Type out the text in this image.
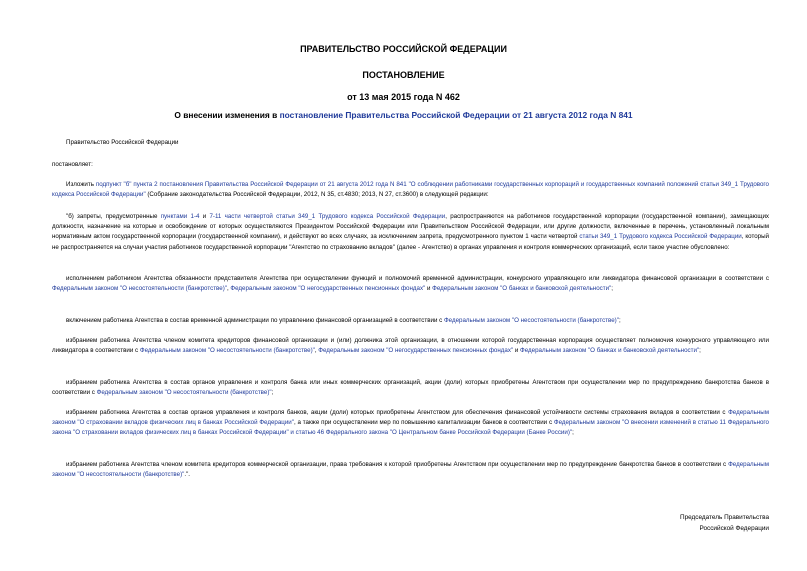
ПРАВИТЕЛЬСТВО РОССИЙСКОЙ ФЕДЕРАЦИИ
ПОСТАНОВЛЕНИЕ
от 13 мая 2015 года N 462
О внесении изменения в постановление Правительства Российской Федерации от 21 августа 2012 года N 841
Правительство Российской Федерации
постановляет:
Изложить подпункт "б" пункта 2 постановления Правительства Российской Федерации от 21 августа 2012 года N 841 "О соблюдении работниками государственных корпораций и государственных компаний положений статьи 349_1 Трудового кодекса Российской Федерации" (Собрание законодательства Российской Федерации, 2012, N 35, ст.4830; 2013, N 27, ст.3600) в следующей редакции:
"б) запреты, предусмотренные пунктами 1-4 и 7-11 части четвертой статьи 349_1 Трудового кодекса Российской Федерации, распространяются на работников государственной корпорации (государственной компании), замещающих должности, назначение на которые и освобождение от которых осуществляются Президентом Российской Федерации или Правительством Российской Федерации, или другие должности, включенные в перечень, установленный локальным нормативным актом государственной корпорации (государственной компании), и действуют во всех случаях, за исключением запрета, предусмотренного пунктом 1 части четвертой статьи 349_1 Трудового кодекса Российской Федерации, который не распространяется на случаи участия работников государственной корпорации "Агентство по страхованию вкладов" (далее - Агентство) в органах управления и контроля коммерческих организаций, если такое участие обусловлено:
исполнением работником Агентства обязанности представителя Агентства при осуществлении функций и полномочий временной администрации, конкурсного управляющего или ликвидатора финансовой организации в соответствии с Федеральным законом "О несостоятельности (банкротстве)", Федеральным законом "О негосударственных пенсионных фондах" и Федеральным законом "О банках и банковской деятельности";
включением работника Агентства в состав временной администрации по управлению финансовой организацией в соответствии с Федеральным законом "О несостоятельности (банкротстве)";
избранием работника Агентства членом комитета кредиторов финансовой организации и (или) должника этой организации, в отношении которой государственная корпорация осуществляет полномочия конкурсного управляющего или ликвидатора в соответствии с Федеральным законом "О несостоятельности (банкротстве)", Федеральным законом "О негосударственных пенсионных фондах" и Федеральным законом "О банках и банковской деятельности";
избранием работника Агентства в состав органов управления и контроля банка или иных коммерческих организаций, акции (доли) которых приобретены Агентством при осуществлении мер по предупреждению банкротства банков в соответствии с Федеральным законом "О несостоятельности (банкротстве)";
избранием работника Агентства в состав органов управления и контроля банков, акции (доли) которых приобретены Агентством для обеспечения финансовой устойчивости системы страхования вкладов в соответствии с Федеральным законом "О страховании вкладов физических лиц в банках Российской Федерации", а также при осуществлении мер по повышению капитализации банков в соответствии с Федеральным законом "О внесении изменений в статью 11 Федерального закона "О страховании вкладов физических лиц в банках Российской Федерации" и статью 46 Федерального закона "О Центральном банке Российской Федерации (Банке России)";
избранием работника Агентства членом комитета кредиторов коммерческой организации, права требования к которой приобретены Агентством при осуществлении мер по предупреждение банкротства банков в соответствии с Федеральным законом "О несостоятельности (банкротстве)".".
Председатель Правительства
Российской Федерации
